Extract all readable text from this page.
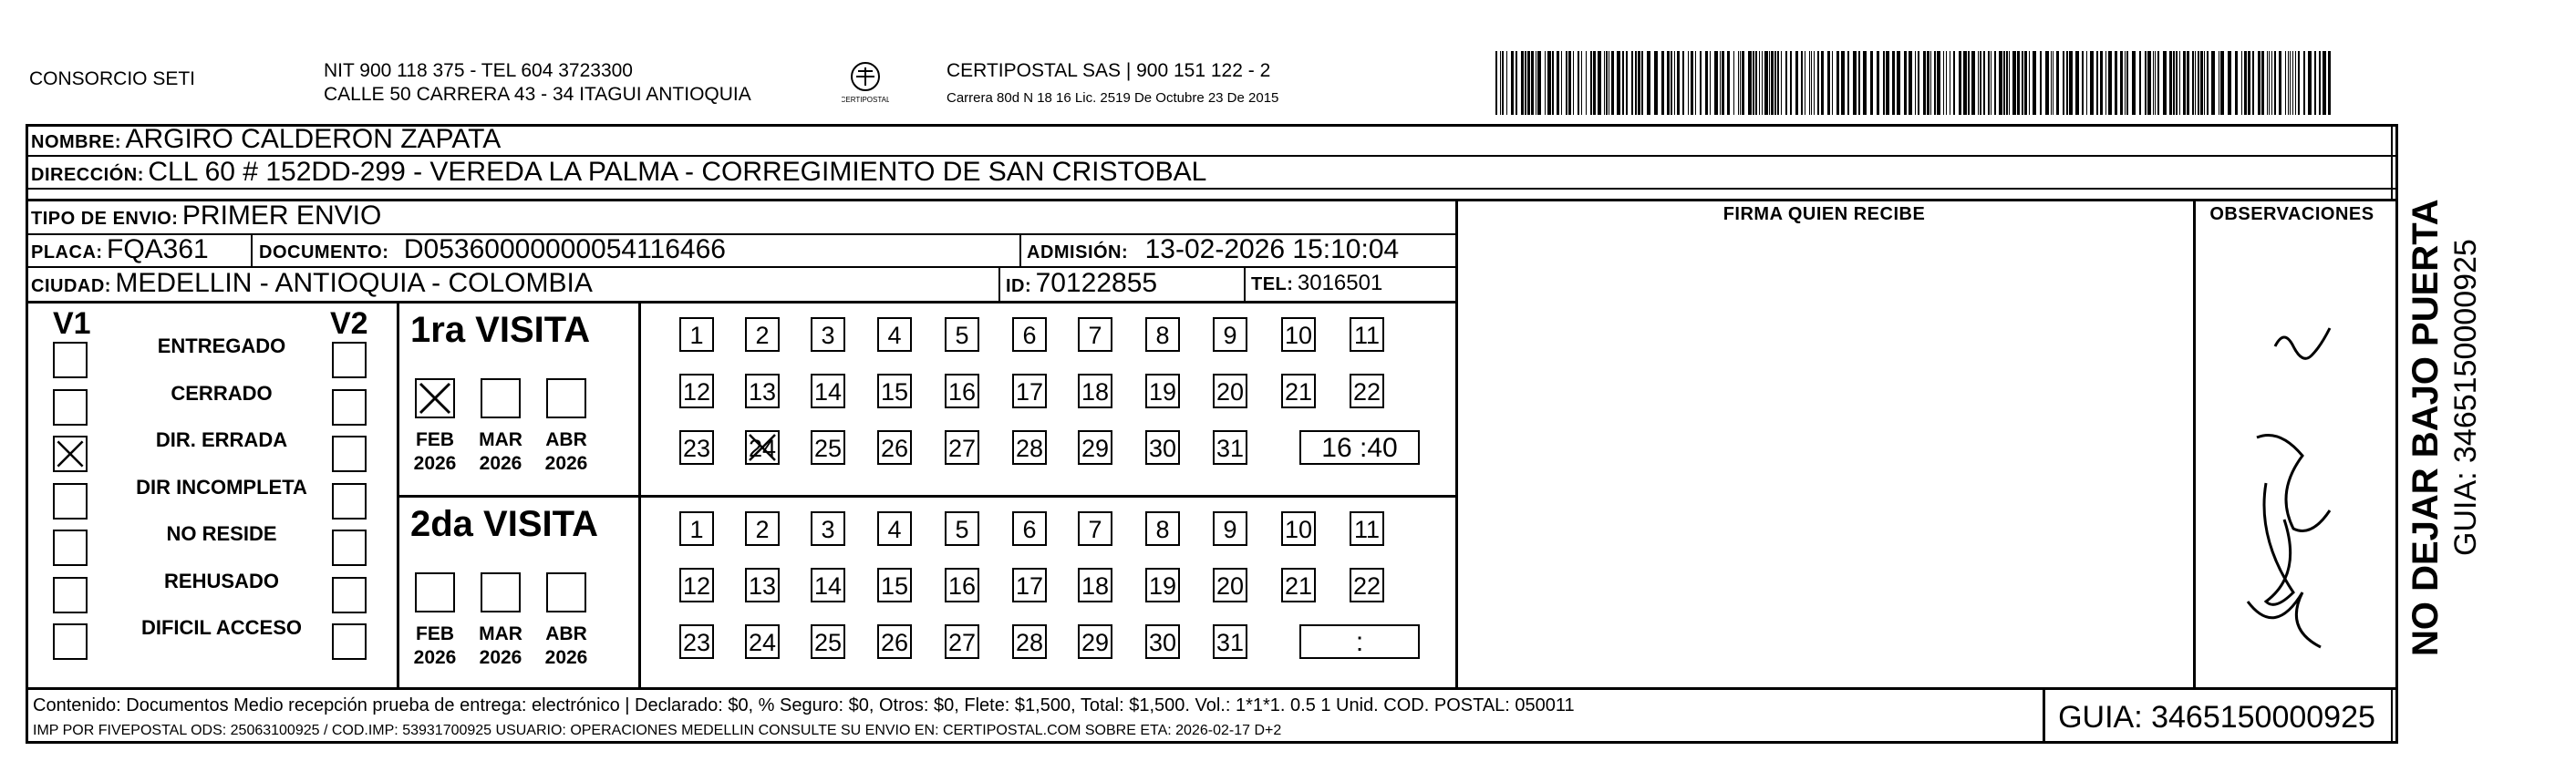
CONSORCIO SETI	NIT 900 118 375 - TEL 604 3723300
CALLE 50 CARRERA 43 - 34 ITAGUI ANTIOQUIA	CERTIPOSTAL
CERTIPOSTAL SAS | 900 151 122 - 2
Carrera 80d N 18 16 Lic. 2519 De Octubre 23 De 2015
NOMBRE: ARGIRO CALDERON ZAPATA
DIRECCIÓN: CLL 60 # 152DD-299 - VEREDA LA PALMA - CORREGIMIENTO DE SAN CRISTOBAL
TIPO DE ENVIO: PRIMER ENVIO
PLACA: FQA361	DOCUMENTO: D05360000000054116466	ADMISIÓN: 13-02-2026 15:10:04
CIUDAD: MEDELLIN - ANTIOQUIA - COLOMBIA	ID: 70122855	TEL: 3016501
FIRMA QUIEN RECIBE	OBSERVACIONES
V1	V2
ENTREGADO
CERRADO
DIR. ERRADA
DIR INCOMPLETA
NO RESIDE
REHUSADO
DIFICIL ACCESO
1ra VISITA
FEB
2026
MAR
2026
ABR
2026
1	2	3	4	5	6	7	8	9	10 11
12 13 14 15 16 17 18 19 20 21 22
23 24 25 26 27 28 29 30 31	16 :40
2da VISITA
FEB
2026
MAR
2026
ABR
2026
1	2	3	4	5	6	7	8	9	10 11
12 13 14 15 16 17 18 19 20 21 22
23 24 25 26 27 28 29 30 31	:
Contenido: Documentos Medio recepción prueba de entrega: electrónico | Declarado: $0, % Seguro: $0, Otros: $0, Flete: $1,500, Total: $1,500. Vol.: 1*1*1. 0.5 1 Unid. COD. POSTAL: 050011
IMP POR FIVEPOSTAL ODS: 25063100925 / COD.IMP: 53931700925 USUARIO: OPERACIONES MEDELLIN CONSULTE SU ENVIO EN: CERTIPOSTAL.COM SOBRE ETA: 2026-02-17 D+2	GUIA: 3465150000925
NO DEJAR BAJO PUERTA GUIA: 3465150000925
